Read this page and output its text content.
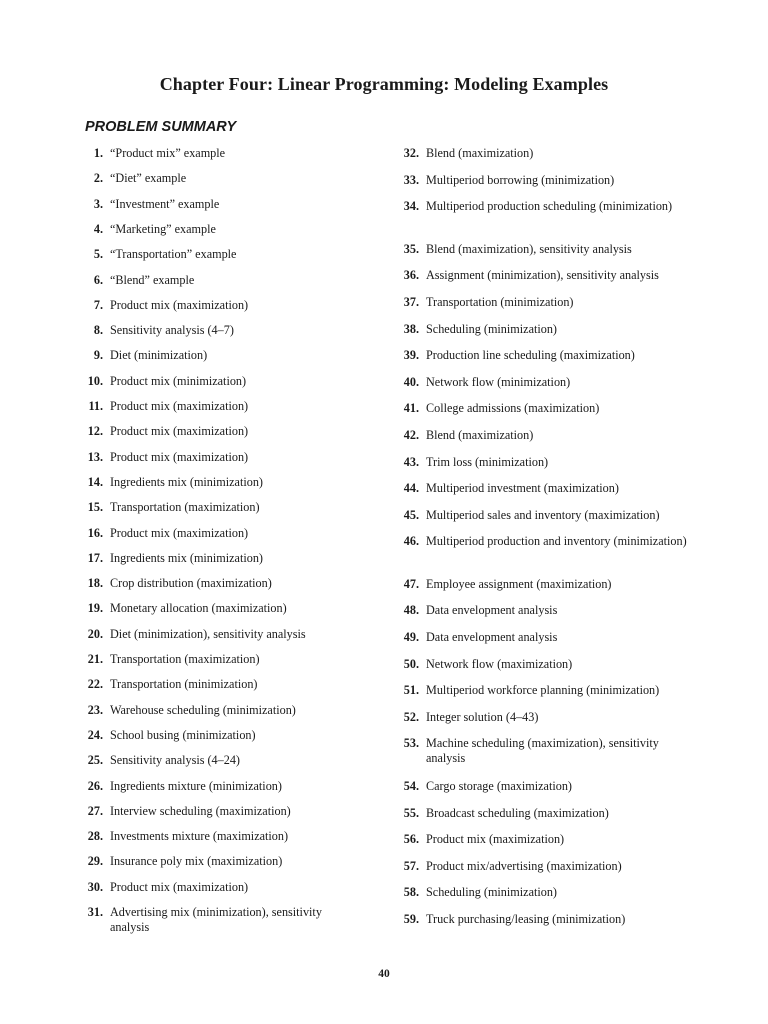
Chapter Four: Linear Programming: Modeling Examples
PROBLEM SUMMARY
1. “Product mix” example
2. “Diet” example
3. “Investment” example
4. “Marketing” example
5. “Transportation” example
6. “Blend” example
7. Product mix (maximization)
8. Sensitivity analysis (4–7)
9. Diet (minimization)
10. Product mix (minimization)
11. Product mix (maximization)
12. Product mix (maximization)
13. Product mix (maximization)
14. Ingredients mix (minimization)
15. Transportation (maximization)
16. Product mix (maximization)
17. Ingredients mix (minimization)
18. Crop distribution (maximization)
19. Monetary allocation (maximization)
20. Diet (minimization), sensitivity analysis
21. Transportation (maximization)
22. Transportation (minimization)
23. Warehouse scheduling (minimization)
24. School busing (minimization)
25. Sensitivity analysis (4–24)
26. Ingredients mixture (minimization)
27. Interview scheduling (maximization)
28. Investments mixture (maximization)
29. Insurance poly mix (maximization)
30. Product mix (maximization)
31. Advertising mix (minimization), sensitivity analysis
32. Blend (maximization)
33. Multiperiod borrowing (minimization)
34. Multiperiod production scheduling (minimization)
35. Blend (maximization), sensitivity analysis
36. Assignment (minimization), sensitivity analysis
37. Transportation (minimization)
38. Scheduling (minimization)
39. Production line scheduling (maximization)
40. Network flow (minimization)
41. College admissions (maximization)
42. Blend (maximization)
43. Trim loss (minimization)
44. Multiperiod investment (maximization)
45. Multiperiod sales and inventory (maximization)
46. Multiperiod production and inventory (minimization)
47. Employee assignment (maximization)
48. Data envelopment analysis
49. Data envelopment analysis
50. Network flow (maximization)
51. Multiperiod workforce planning (minimization)
52. Integer solution (4–43)
53. Machine scheduling (maximization), sensitivity analysis
54. Cargo storage (maximization)
55. Broadcast scheduling (maximization)
56. Product mix (maximization)
57. Product mix/advertising (maximization)
58. Scheduling (minimization)
59. Truck purchasing/leasing (minimization)
40
